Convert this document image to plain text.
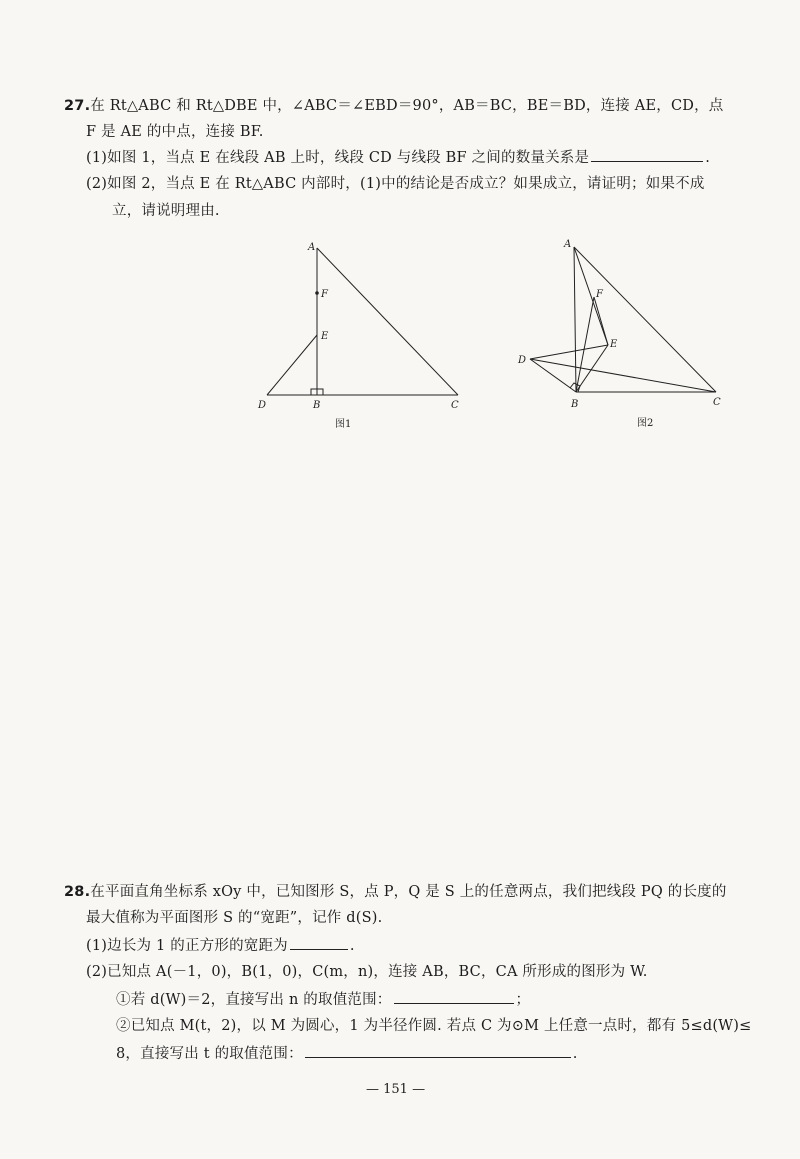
27.在 Rt△ABC 和 Rt△DBE 中，∠ABC＝∠EBD＝90°，AB＝BC，BE＝BD，连接 AE，CD，点
F 是 AE 的中点，连接 BF.
(1)如图 1，当点 E 在线段 AB 上时，线段 CD 与线段 BF 之间的数量关系是	.
(2)如图 2，当点 E 在 Rt△ABC 内部时，(1)中的结论是否成立？如果成立，请证明；如果不成
立，请说明理由.
A
F
E
D	B	C
图1
A
F
E
D
B	C
图2
28.在平面直角坐标系 xOy 中，已知图形 S，点 P，Q 是 S 上的任意两点，我们把线段 PQ 的长度的
最大值称为平面图形 S 的“宽距”，记作 d(S).
(1)边长为 1 的正方形的宽距为	.
(2)已知点 A(－1，0)，B(1，0)，C(m，n)，连接 AB，BC，CA 所形成的图形为 W.
①若 d(W)＝2，直接写出 n 的取值范围：	；
②已知点 M(t，2)，以 M 为圆心，1 为半径作圆. 若点 C 为⊙M 上任意一点时，都有 5≤d(W)≤
8，直接写出 t 的取值范围：	.
— 151 —
